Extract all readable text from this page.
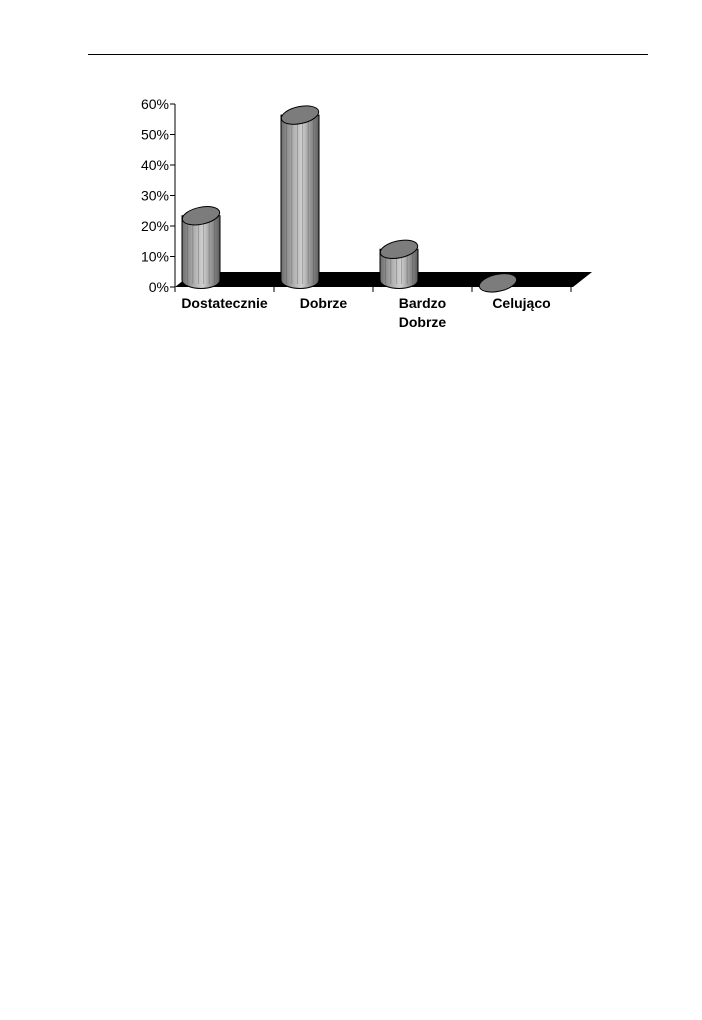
0%
10%
20%
30%
40%
50%
60%
Dostatecznie Dobrze	Bardzo Dobrze
Celująco
